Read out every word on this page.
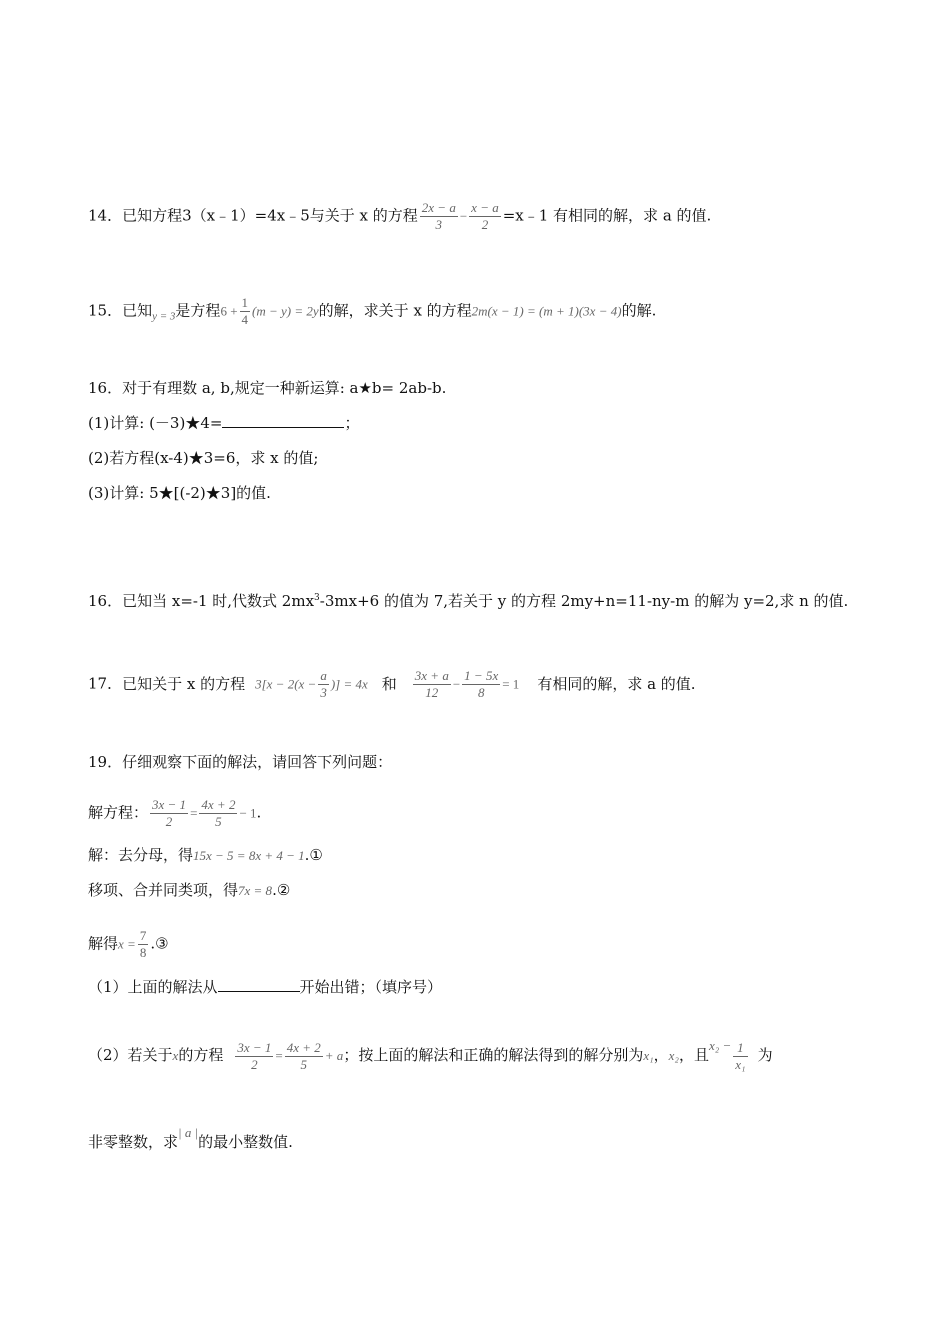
14．已知方程3（x﹣1）=4x﹣5与关于 x 的方程 $\frac{2x - a}{3} - \frac{x - a}{2}$ =x﹣1 有相同的解，求 a 的值.
15．已知$_{y = 3}$是方程$6 + \frac{1}{4} (m - y) = 2y$的解，求关于 x 的方程2m(x − 1) = (m + 1)(3x − 4)的解.
16．对于有理数 a, b,规定一种新运算: a★b= 2ab-b.
(1)计算: (－3)★4=	；
(2)若方程(x-4)★3=6，求 x 的值;
(3)计算: 5★[(-2)★3]的值.
16．已知当 x=-1 时,代数式 $2mx^3-3mx+6$ 的值为 7,若关于 y 的方程 2my+n=11-ny-m 的解为 y=2,求 n 的值.
17．已知关于 x 的方程 $3[x - 2(x - \frac{a}{3}$ )] = 4x 和 $\frac{3x + a}{12} - \frac{1 - 5x}{8} = 1$ 有相同的解，求 a 的值.
19．仔细观察下面的解法，请回答下列问题：
解方程： $\frac{3x - 1}{2} = \frac{4x + 2}{5} - 1$.
解：去分母，得15x − 5 = 8x + 4 − 1.①
移项、合并同类项，得7x = 8.②
解得$x = \frac{7}{8}$ .③
（1）上面的解法从	开始出错；（填序号）
（2）若关于x的方程 $\frac{3x - 1}{2} = \frac{4x + 2}{5} + a$；按上面的解法和正确的解法得到的解分别为x₁，x₂，且$x_2 - \frac{1}{\text{x₁}}$ 为
非零整数，求| a |的最小整数值.
